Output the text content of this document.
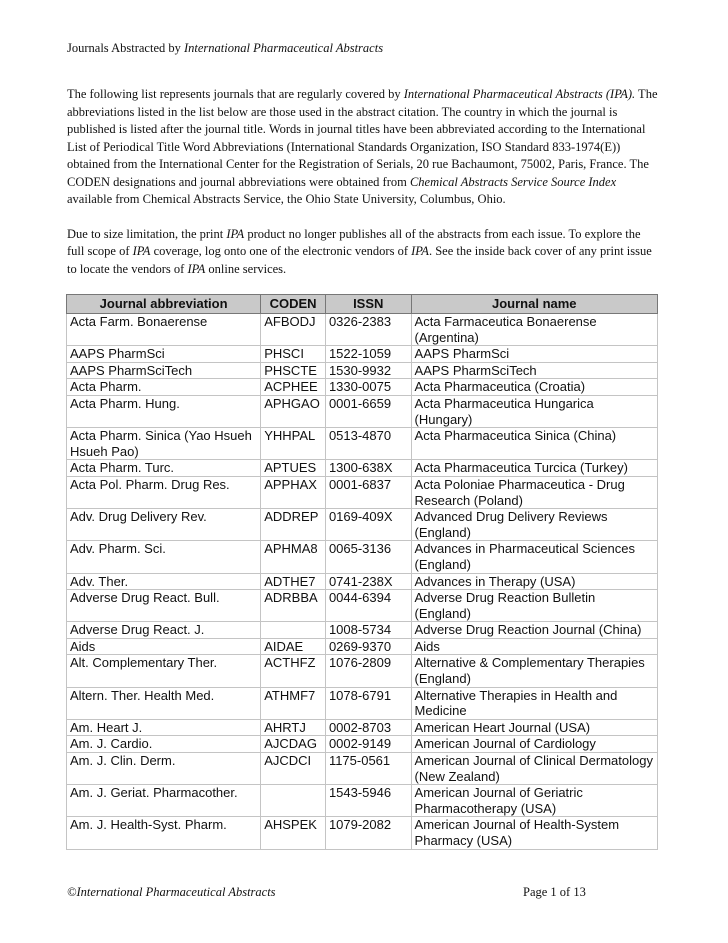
Journals Abstracted by International Pharmaceutical Abstracts

The following list represents journals that are regularly covered by International Pharmaceutical Abstracts (IPA). The abbreviations listed in the list below are those used in the abstract citation. The country in which the journal is published is listed after the journal title. Words in journal titles have been abbreviated according to the International List of Periodical Title Word Abbreviations (International Standards Organization, ISO Standard 833-1974(E)) obtained from the International Center for the Registration of Serials, 20 rue Bachaumont, 75002, Paris, France. The CODEN designations and journal abbreviations were obtained from Chemical Abstracts Service Source Index available from Chemical Abstracts Service, the Ohio State University, Columbus, Ohio.

Due to size limitation, the print IPA product no longer publishes all of the abstracts from each issue. To explore the full scope of IPA coverage, log onto one of the electronic vendors of IPA. See the inside back cover of any print issue to locate the vendors of IPA online services.

Journal abbreviation	CODEN	ISSN	Journal name
Acta Farm. Bonaerense	AFBODJ	0326-2383	Acta Farmaceutica Bonaerense (Argentina)
AAPS PharmSci	PHSCI	1522-1059	AAPS PharmSci
AAPS PharmSciTech	PHSCTE	1530-9932	AAPS PharmSciTech
Acta Pharm.	ACPHEE	1330-0075	Acta Pharmaceutica (Croatia)
Acta Pharm. Hung.	APHGAO	0001-6659	Acta Pharmaceutica Hungarica (Hungary)
Acta Pharm. Sinica (Yao Hsueh Hsueh Pao)	YHHPAL	0513-4870	Acta Pharmaceutica Sinica (China)
Acta Pharm. Turc.	APTUES	1300-638X	Acta Pharmaceutica Turcica (Turkey)
Acta Pol. Pharm. Drug Res.	APPHAX	0001-6837	Acta Poloniae Pharmaceutica - Drug Research (Poland)
Adv. Drug Delivery Rev.	ADDREP	0169-409X	Advanced Drug Delivery Reviews (England)
Adv. Pharm. Sci.	APHMA8	0065-3136	Advances in Pharmaceutical Sciences (England)
Adv. Ther.	ADTHE7	0741-238X	Advances in Therapy (USA)
Adverse Drug React. Bull.	ADRBBA	0044-6394	Adverse Drug Reaction Bulletin (England)
Adverse Drug React. J.		1008-5734	Adverse Drug Reaction Journal (China)
Aids	AIDAE	0269-9370	Aids
Alt. Complementary Ther.	ACTHFZ	1076-2809	Alternative & Complementary Therapies (England)
Altern. Ther. Health Med.	ATHMF7	1078-6791	Alternative Therapies in Health and Medicine
Am. Heart J.	AHRTJ	0002-8703	American Heart Journal (USA)
Am. J. Cardio.	AJCDAG	0002-9149	American Journal of Cardiology
Am. J. Clin. Derm.	AJCDCI	1175-0561	American Journal of Clinical Dermatology (New Zealand)
Am. J. Geriat. Pharmacother.		1543-5946	American Journal of Geriatric Pharmacotherapy (USA)
Am. J. Health-Syst. Pharm.	AHSPEK	1079-2082	American Journal of Health-System Pharmacy (USA)
©International Pharmaceutical Abstracts	Page 1 of 13
